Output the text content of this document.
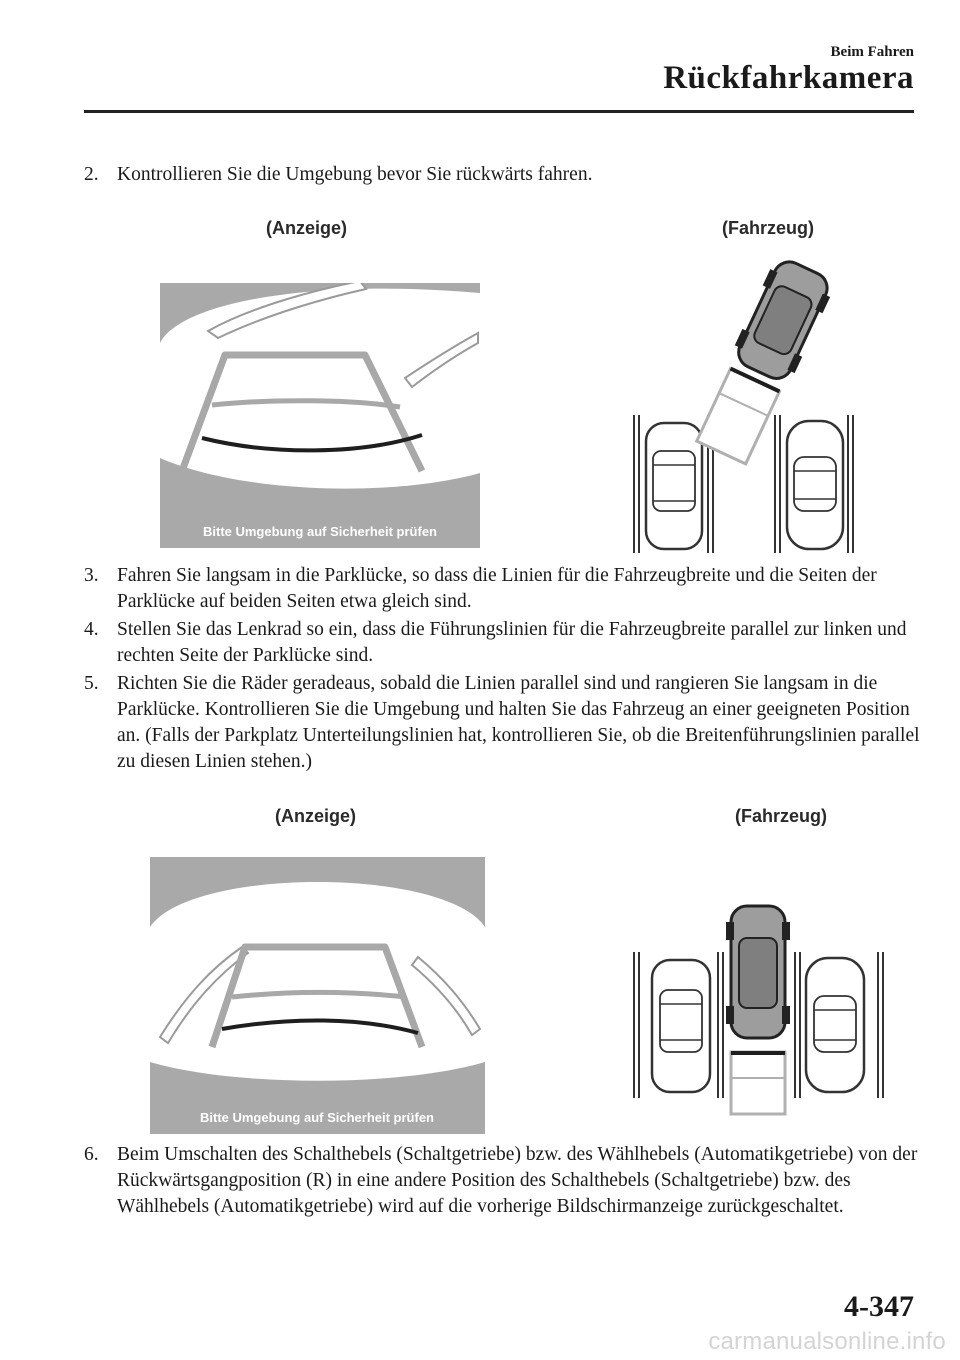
Beim Fahren
Rückfahrkamera
2. Kontrollieren Sie die Umgebung bevor Sie rückwärts fahren.
(Anzeige)	(Fahrzeug)
Bitte Umgebung auf Sicherheit prüfen
3. Fahren Sie langsam in die Parklücke, so dass die Linien für die Fahrzeugbreite und die Seiten der Parklücke auf beiden Seiten etwa gleich sind.
4. Stellen Sie das Lenkrad so ein, dass die Führungslinien für die Fahrzeugbreite parallel zur linken und rechten Seite der Parklücke sind.
5. Richten Sie die Räder geradeaus, sobald die Linien parallel sind und rangieren Sie langsam in die Parklücke. Kontrollieren Sie die Umgebung und halten Sie das Fahrzeug an einer geeigneten Position an. (Falls der Parkplatz Unterteilungslinien hat, kontrollieren Sie, ob die Breitenführungslinien parallel zu diesen Linien stehen.)
(Anzeige)	(Fahrzeug)
Bitte Umgebung auf Sicherheit prüfen
6. Beim Umschalten des Schalthebels (Schaltgetriebe) bzw. des Wählhebels (Automatikgetriebe) von der Rückwärtsgangposition (R) in eine andere Position des Schalthebels (Schaltgetriebe) bzw. des Wählhebels (Automatikgetriebe) wird auf die vorherige Bildschirmanzeige zurückgeschaltet.
4-347
carmanualsonline.info
